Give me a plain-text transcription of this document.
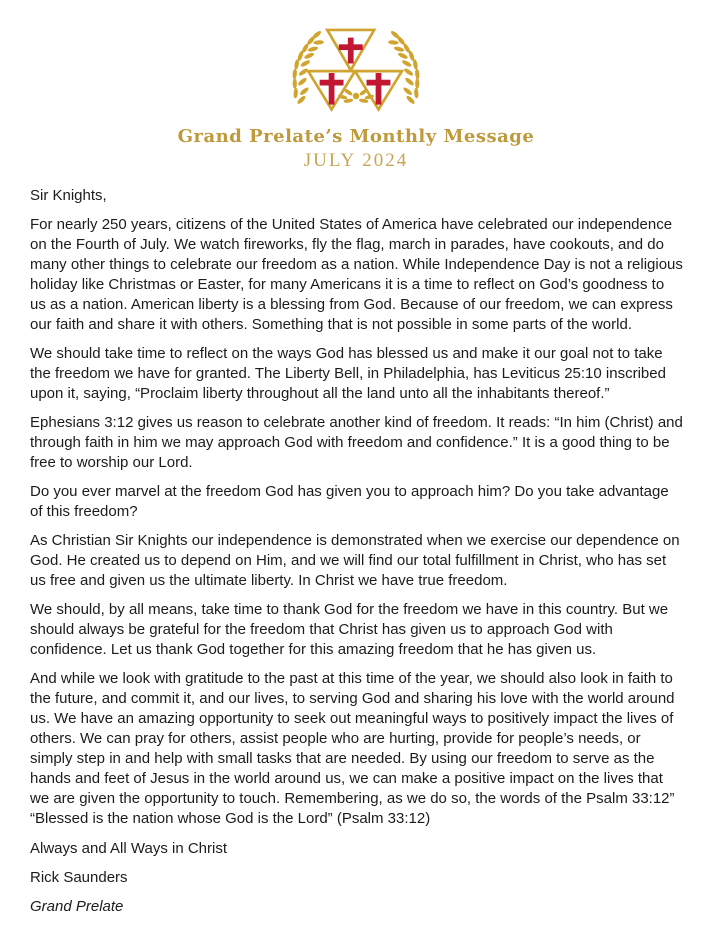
Grand Prelate’s Monthly Message
JULY 2024

Sir Knights,

For nearly 250 years, citizens of the United States of America have celebrated our independence on the Fourth of July. We watch fireworks, fly the flag, march in parades, have cookouts, and do many other things to celebrate our freedom as a nation. While Independence Day is not a religious holiday like Christmas or Easter, for many Americans it is a time to reflect on God’s goodness to us as a nation. American liberty is a blessing from God. Because of our freedom, we can express our faith and share it with others. Something that is not possible in some parts of the world.

We should take time to reflect on the ways God has blessed us and make it our goal not to take the freedom we have for granted. The Liberty Bell, in Philadelphia, has Leviticus 25:10 inscribed upon it, saying, “Proclaim liberty throughout all the land unto all the inhabitants thereof.”

Ephesians 3:12 gives us reason to celebrate another kind of freedom. It reads: “In him (Christ) and through faith in him we may approach God with freedom and confidence.” It is a good thing to be free to worship our Lord.

Do you ever marvel at the freedom God has given you to approach him? Do you take advantage of this freedom?

As Christian Sir Knights our independence is demonstrated when we exercise our dependence on God. He created us to depend on Him, and we will find our total fulfillment in Christ, who has set us free and given us the ultimate liberty. In Christ we have true freedom.

We should, by all means, take time to thank God for the freedom we have in this country. But we should always be grateful for the freedom that Christ has given us to approach God with confidence. Let us thank God together for this amazing freedom that he has given us.

And while we look with gratitude to the past at this time of the year, we should also look in faith to the future, and commit it, and our lives, to serving God and sharing his love with the world around us. We have an amazing opportunity to seek out meaningful ways to positively impact the lives of others. We can pray for others, assist people who are hurting, provide for people’s needs, or simply step in and help with small tasks that are needed. By using our freedom to serve as the hands and feet of Jesus in the world around us, we can make a positive impact on the lives that we are given the opportunity to touch. Remembering, as we do so, the words of the Psalm 33:12” “Blessed is the nation whose God is the Lord” (Psalm 33:12)

Always and All Ways in Christ

Rick Saunders

Grand Prelate
